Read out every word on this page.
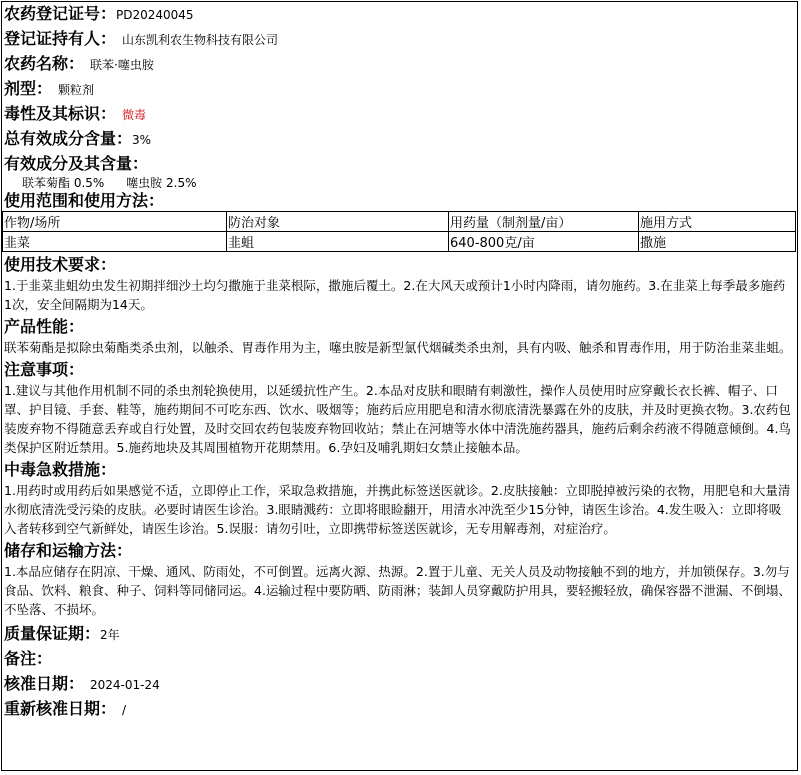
农药登记证号：PD20240045
登记证持有人： 山东凯利农生物科技有限公司
农药名称： 联苯·噻虫胺
剂型： 颗粒剂
毒性及其标识： 微毒
总有效成分含量：3%
有效成分及其含量：
联苯菊酯 0.5% 噻虫胺 2.5%
使用范围和使用方法：
作物/场所	防治对象	用药量（制剂量/亩）	施用方式
韭菜	韭蛆	640-800克/亩	撒施
使用技术要求：
1.于韭菜韭蛆幼虫发生初期拌细沙土均匀撒施于韭菜根际，撒施后覆土。2.在大风天或预计1小时内降雨，请勿施药。3.在韭菜上每季最多施药1次，安全间隔期为14天。
产品性能：
联苯菊酯是拟除虫菊酯类杀虫剂，以触杀、胃毒作用为主，噻虫胺是新型氯代烟碱类杀虫剂，具有内吸、触杀和胃毒作用，用于防治韭菜韭蛆。
注意事项：
1.建议与其他作用机制不同的杀虫剂轮换使用，以延缓抗性产生。2.本品对皮肤和眼睛有刺激性，操作人员使用时应穿戴长衣长裤、帽子、口罩、护目镜、手套、鞋等，施药期间不可吃东西、饮水、吸烟等；施药后应用肥皂和清水彻底清洗暴露在外的皮肤，并及时更换衣物。3.农药包装废弃物不得随意丢弃或自行处置，及时交回农药包装废弃物回收站；禁止在河塘等水体中清洗施药器具，施药后剩余药液不得随意倾倒。4.鸟类保护区附近禁用。5.施药地块及其周围植物开花期禁用。6.孕妇及哺乳期妇女禁止接触本品。
中毒急救措施：
1.用药时或用药后如果感觉不适，立即停止工作，采取急救措施，并携此标签送医就诊。2.皮肤接触：立即脱掉被污染的衣物，用肥皂和大量清水彻底清洗受污染的皮肤。必要时请医生诊治。3.眼睛溅药：立即将眼睑翻开，用清水冲洗至少15分钟，请医生诊治。4.发生吸入：立即将吸入者转移到空气新鲜处，请医生诊治。5.误服：请勿引吐，立即携带标签送医就诊，无专用解毒剂，对症治疗。
储存和运输方法：
1.本品应储存在阴凉、干燥、通风、防雨处，不可倒置。远离火源、热源。2.置于儿童、无关人员及动物接触不到的地方，并加锁保存。3.勿与食品、饮料、粮食、种子、饲料等同储同运。4.运输过程中要防晒、防雨淋；装卸人员穿戴防护用具，要轻搬轻放，确保容器不泄漏、不倒塌、不坠落、不损坏。
质量保证期：2年
备注：
核准日期： 2024-01-24
重新核准日期： /
